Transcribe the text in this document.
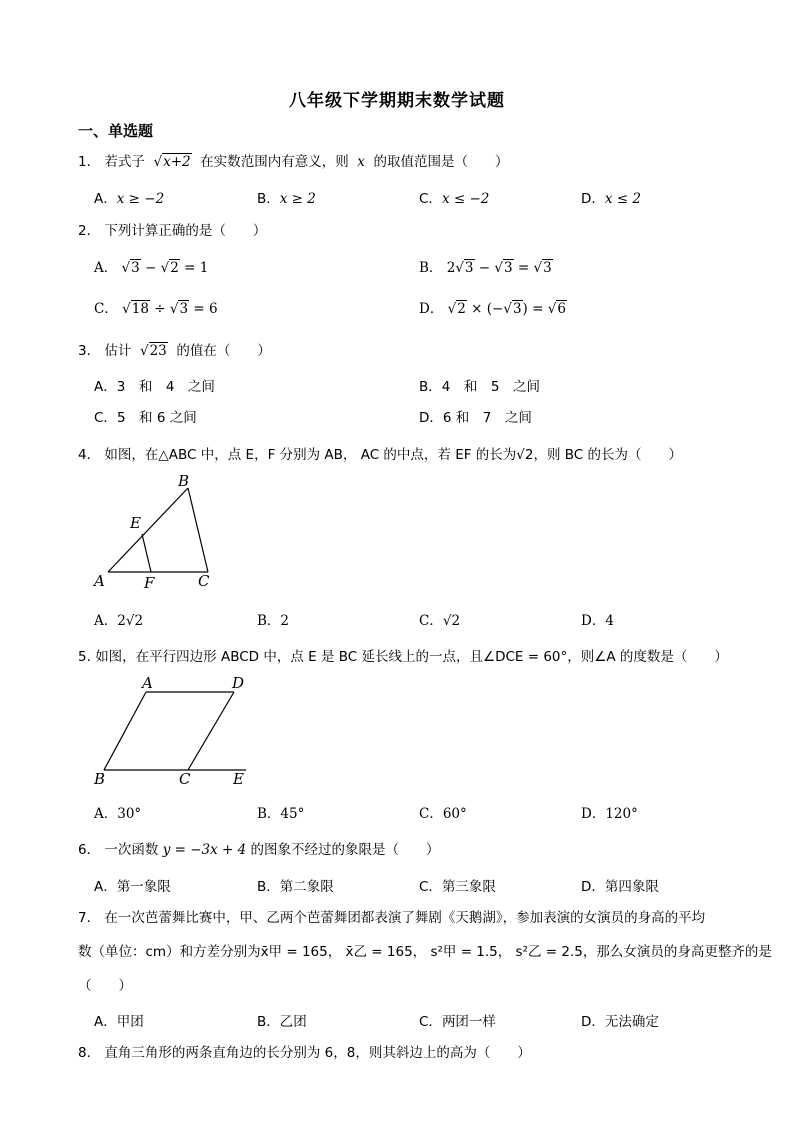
八年级下学期期末数学试题
一、单选题
1． 若式子 √x+2 在实数范围内有意义，则 x 的取值范围是（　　）
A．x ≥ −2	B．x ≥ 2	C．x ≤ −2	D．x ≤ 2
2． 下列计算正确的是（　　）
A． √3 − √2 = 1	B． 2√3 − √3 = √3
C． √18 ÷ √3 = 6	D． √2 × (−√3) = √6
3． 估计 √23 的值在（　　）
A．3　和　4　之间	B．4　和　5　之间
C．5　和 6 之间	D．6 和　7　之间
4． 如图，在△ABC 中，点 E，F 分别为 AB， AC 的中点，若 EF 的长为√2，则 BC 的长为（　　）
B
E
A	F	C
A．2√2	B．2	C．√2	D．4
5. 如图，在平行四边形 ABCD 中，点 E 是 BC 延长线上的一点，且∠DCE = 60°，则∠A 的度数是（　　）
A	D
B	C	E
A．30°	B．45°	C．60°	D．120°
6． 一次函数 y = −3x + 4 的图象不经过的象限是（　　）
A．第一象限	B．第二象限	C．第三象限	D．第四象限
7． 在一次芭蕾舞比赛中，甲、乙两个芭蕾舞团都表演了舞剧《天鹅湖》，参加表演的女演员的身高的平均
数（单位：cm）和方差分别为x̄甲 = 165， x̄乙 = 165， s²甲 = 1.5， s²乙 = 2.5，那么女演员的身高更整齐的是
（　　）
A．甲团	B．乙团	C．两团一样	D．无法确定
8． 直角三角形的两条直角边的长分别为 6，8，则其斜边上的高为（　　）
